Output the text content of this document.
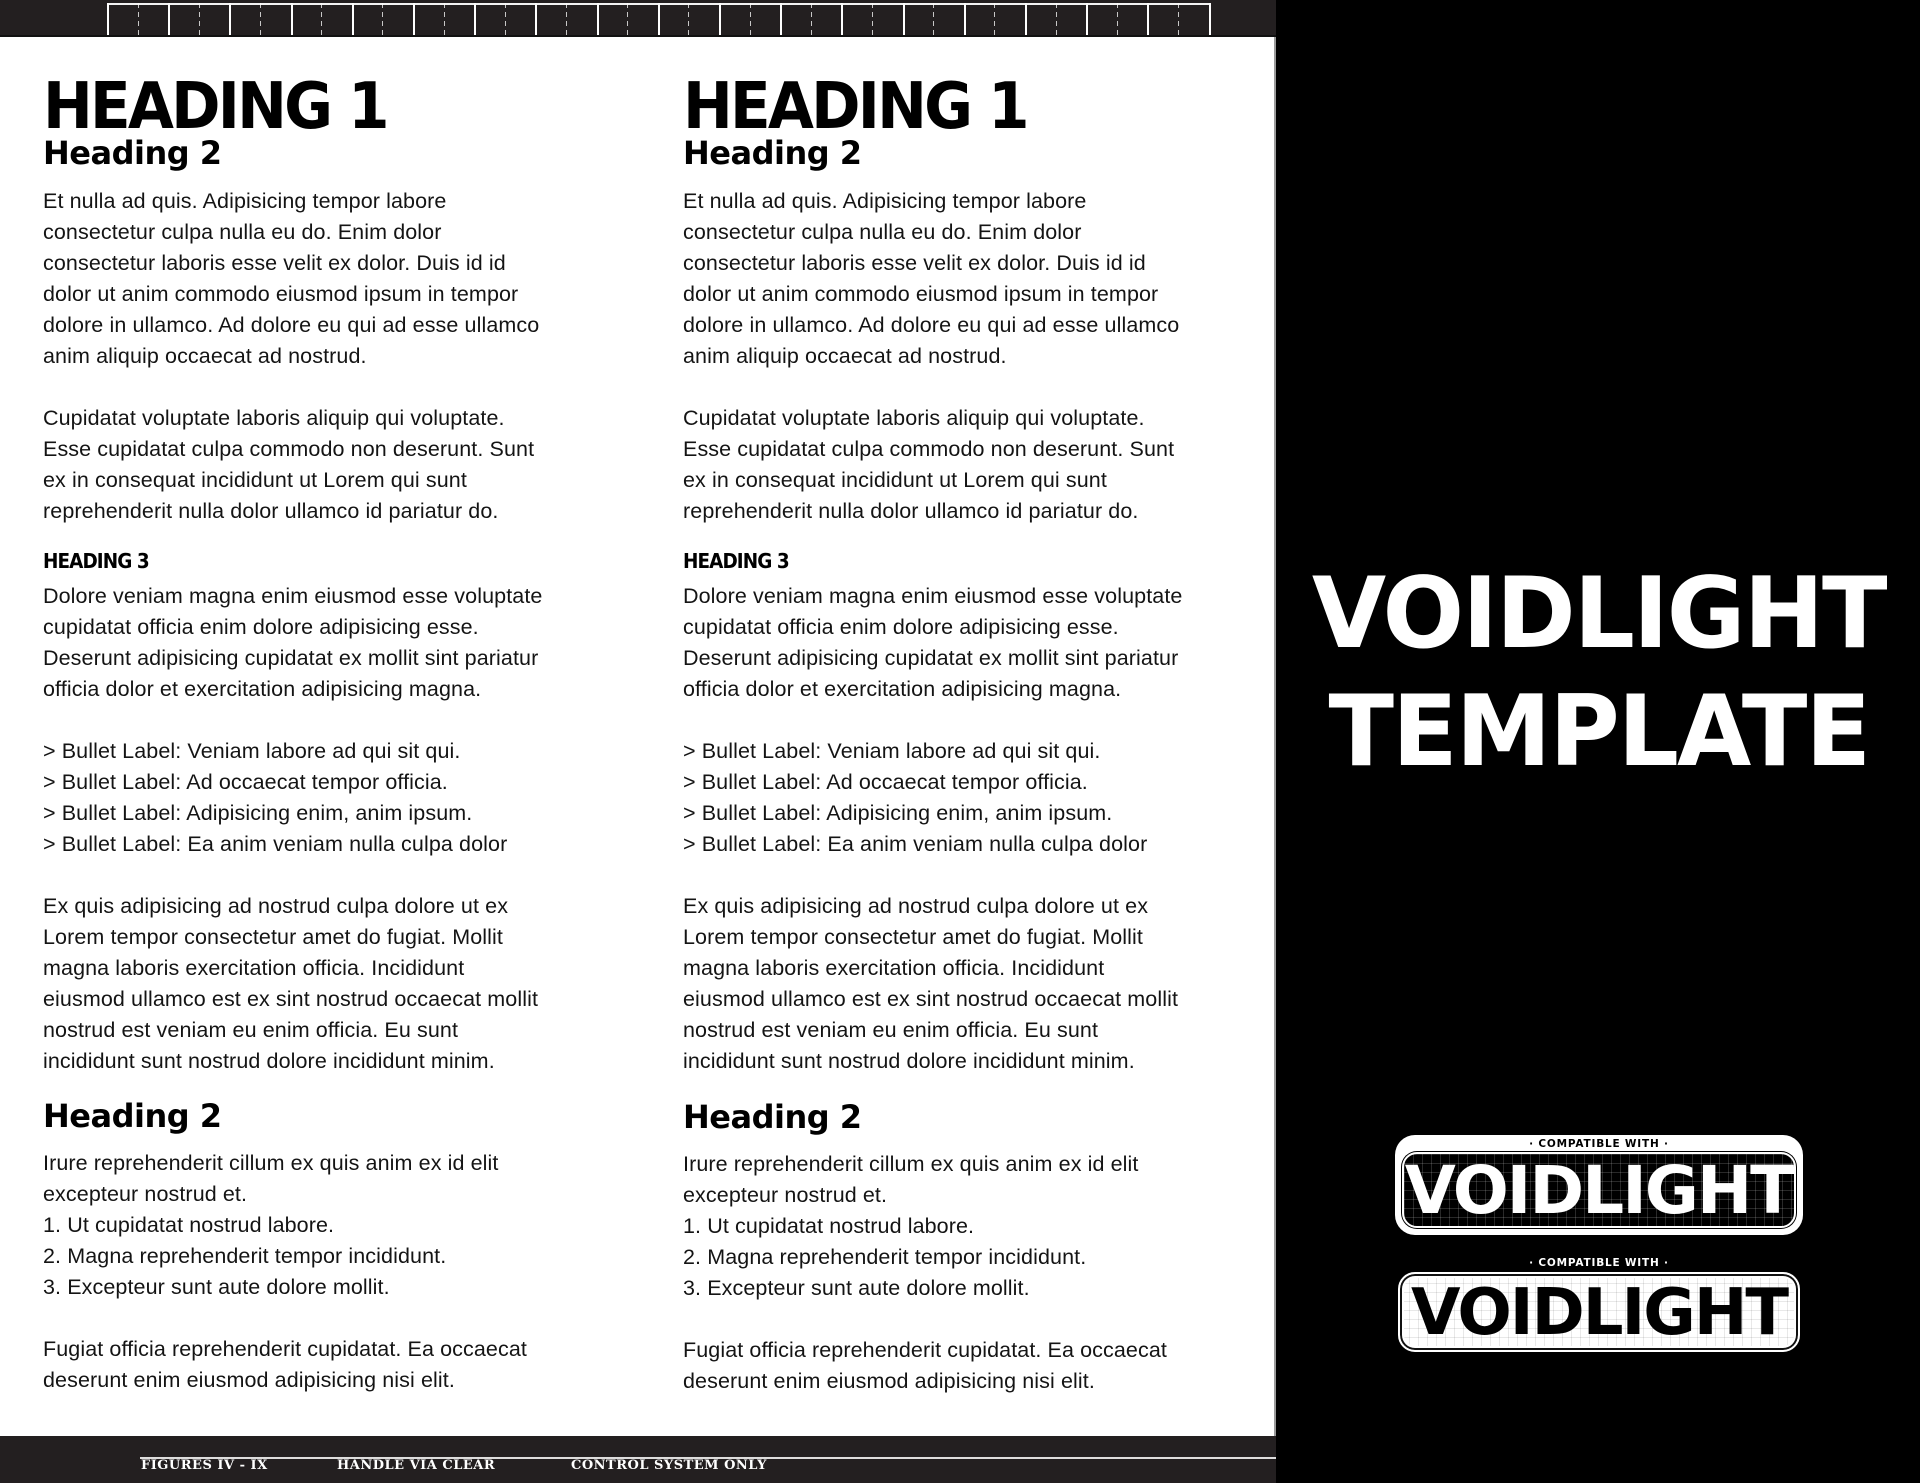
HEADING 1
Heading 2
Et nulla ad quis. Adipisicing tempor labore
consectetur culpa nulla eu do. Enim dolor
consectetur laboris esse velit ex dolor. Duis id id
dolor ut anim commodo eiusmod ipsum in tempor
dolore in ullamco. Ad dolore eu qui ad esse ullamco
anim aliquip occaecat ad nostrud.
Cupidatat voluptate laboris aliquip qui voluptate.
Esse cupidatat culpa commodo non deserunt. Sunt
ex in consequat incididunt ut Lorem qui sunt
reprehenderit nulla dolor ullamco id pariatur do.
HEADING 3
Dolore veniam magna enim eiusmod esse voluptate
cupidatat officia enim dolore adipisicing esse.
Deserunt adipisicing cupidatat ex mollit sint pariatur
officia dolor et exercitation adipisicing magna.
> Bullet Label: Veniam labore ad qui sit qui.
> Bullet Label: Ad occaecat tempor officia.
> Bullet Label: Adipisicing enim, anim ipsum.
> Bullet Label: Ea anim veniam nulla culpa dolor
Ex quis adipisicing ad nostrud culpa dolore ut ex
Lorem tempor consectetur amet do fugiat. Mollit
magna laboris exercitation officia. Incididunt
eiusmod ullamco est ex sint nostrud occaecat mollit
nostrud est veniam eu enim officia. Eu sunt
incididunt sunt nostrud dolore incididunt minim.
Heading 2
Irure reprehenderit cillum ex quis anim ex id elit
excepteur nostrud et.
1. Ut cupidatat nostrud labore.
2. Magna reprehenderit tempor incididunt.
3. Excepteur sunt aute dolore mollit.
Fugiat officia reprehenderit cupidatat. Ea occaecat
deserunt enim eiusmod adipisicing nisi elit.
HEADING 1
Heading 2
Et nulla ad quis. Adipisicing tempor labore
consectetur culpa nulla eu do. Enim dolor
consectetur laboris esse velit ex dolor. Duis id id
dolor ut anim commodo eiusmod ipsum in tempor
dolore in ullamco. Ad dolore eu qui ad esse ullamco
anim aliquip occaecat ad nostrud.
Cupidatat voluptate laboris aliquip qui voluptate.
Esse cupidatat culpa commodo non deserunt. Sunt
ex in consequat incididunt ut Lorem qui sunt
reprehenderit nulla dolor ullamco id pariatur do.
HEADING 3
Dolore veniam magna enim eiusmod esse voluptate
cupidatat officia enim dolore adipisicing esse.
Deserunt adipisicing cupidatat ex mollit sint pariatur
officia dolor et exercitation adipisicing magna.
> Bullet Label: Veniam labore ad qui sit qui.
> Bullet Label: Ad occaecat tempor officia.
> Bullet Label: Adipisicing enim, anim ipsum.
> Bullet Label: Ea anim veniam nulla culpa dolor
Ex quis adipisicing ad nostrud culpa dolore ut ex
Lorem tempor consectetur amet do fugiat. Mollit
magna laboris exercitation officia. Incididunt
eiusmod ullamco est ex sint nostrud occaecat mollit
nostrud est veniam eu enim officia. Eu sunt
incididunt sunt nostrud dolore incididunt minim.
Heading 2
Irure reprehenderit cillum ex quis anim ex id elit
excepteur nostrud et.
1. Ut cupidatat nostrud labore.
2. Magna reprehenderit tempor incididunt.
3. Excepteur sunt aute dolore mollit.
Fugiat officia reprehenderit cupidatat. Ea occaecat
deserunt enim eiusmod adipisicing nisi elit.
FIGURES IV - IX	HANDLE VIA CLEAR	CONTROL SYSTEM ONLY
VOIDLIGHT
TEMPLATE
· COMPATIBLE WITH ·
VOIDLIGHT
· COMPATIBLE WITH ·
VOIDLIGHT
